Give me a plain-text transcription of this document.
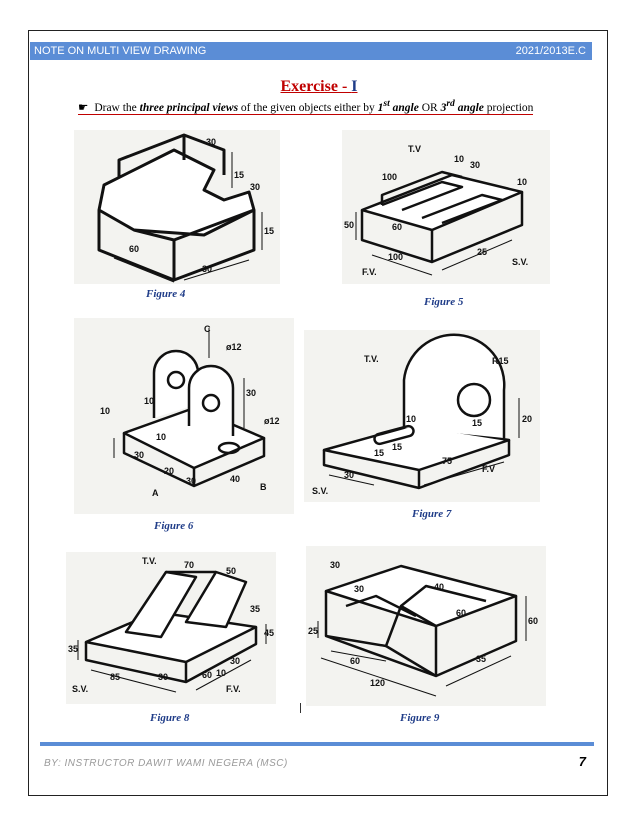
NOTE ON MULTI VIEW DRAWING	2021/2013E.C
Exercise - I
☛ Draw the three principal views of the given objects either by 1st angle OR 3rd angle projection
30
15
30
15
60
30
Figure 4
T.V
F.V.
S.V.
10
30
100	10
60
50
100	25
Figure 5
C
A
B
ø12
ø12
30
30
40
20
10
10
30
10
Figure 6
T.V.
F.V
S.V.
R15
20
15
30
75
15
15
10
Figure 7
T.V.
F.V.
S.V.
70
50
35
45
35
85	30	60
30
10
Figure 8
30
30	40
60
25
60
120
35
60
Figure 9
BY: INSTRUCTOR DAWIT WAMI NEGERA (MSC)	7
